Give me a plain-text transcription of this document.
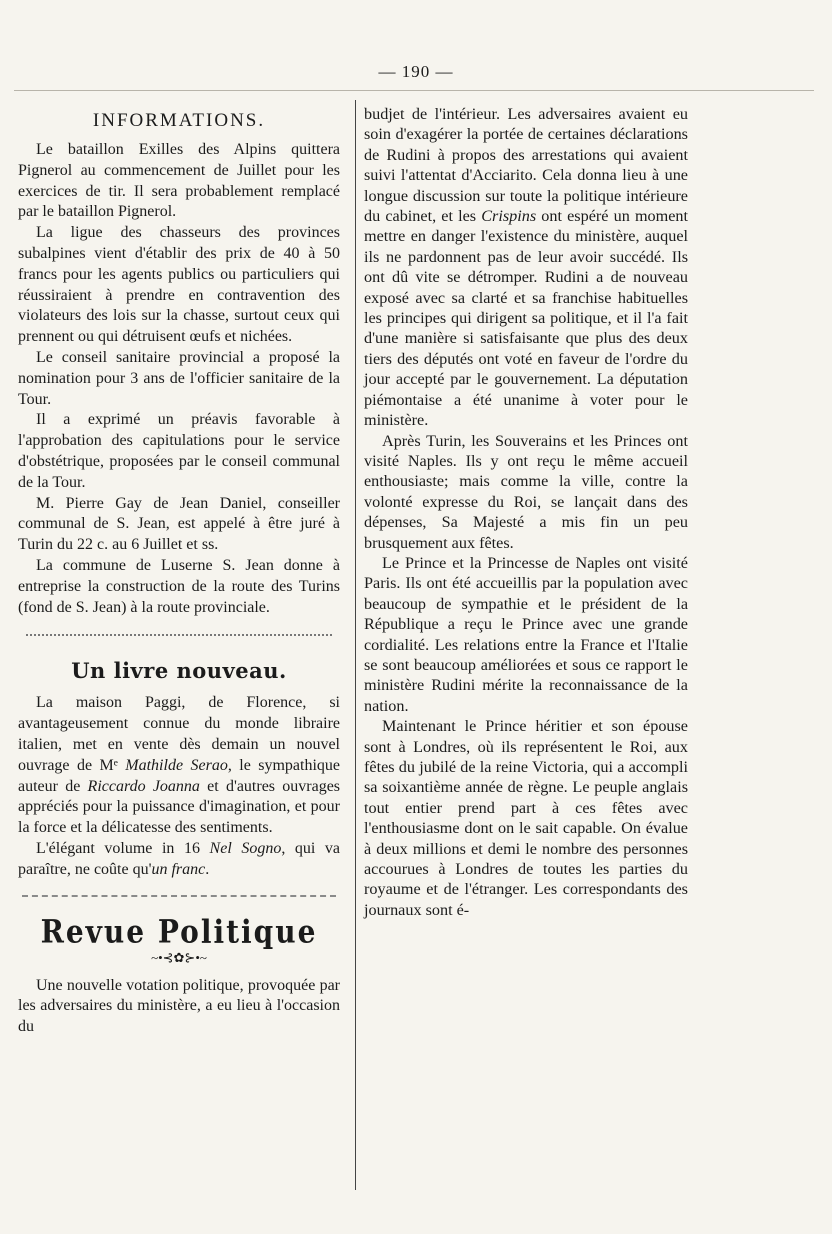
— 190 —
INFORMATIONS.

Le bataillon Exilles des Alpins quittera Pignerol au commencement de Juillet pour les exercices de tir. Il sera probablement remplacé par le bataillon Pignerol.

La ligue des chasseurs des provinces subalpines vient d'établir des prix de 40 à 50 francs pour les agents publics ou particuliers qui réussiraient à prendre en contravention des violateurs des lois sur la chasse, surtout ceux qui prennent ou qui détruisent œufs et nichées.

Le conseil sanitaire provincial a proposé la nomination pour 3 ans de l'officier sanitaire de la Tour.

Il a exprimé un préavis favorable à l'approbation des capitulations pour le service d'obstétrique, proposées par le conseil communal de la Tour.

M. Pierre Gay de Jean Daniel, conseiller communal de S. Jean, est appelé à être juré à Turin du 22 c. au 6 Juillet et ss.

La commune de Luserne S. Jean donne à entreprise la construction de la route des Turins (fond de S. Jean) à la route provinciale.

Un livre nouveau.

La maison Paggi, de Florence, si avantageusement connue du monde libraire italien, met en vente dès demain un nouvel ouvrage de Mᵉ Mathilde Serao, le sympathique auteur de Riccardo Joanna et d'autres ouvrages appréciés pour la puissance d'imagination, et pour la force et la délicatesse des sentiments.

L'élégant volume in 16 Nel Sogno, qui va paraître, ne coûte qu'un franc.

Revue Politique
~•⊰✿⊱•~

Une nouvelle votation politique, provoquée par les adversaires du ministère, a eu lieu à l'occasion du

budjet de l'intérieur. Les adversaires avaient eu soin d'exagérer la portée de certaines déclarations de Rudini à propos des arrestations qui avaient suivi l'attentat d'Acciarito. Cela donna lieu à une longue discussion sur toute la politique intérieure du cabinet, et les Crispins ont espéré un moment mettre en danger l'existence du ministère, auquel ils ne pardonnent pas de leur avoir succédé. Ils ont dû vite se détromper. Rudini a de nouveau exposé avec sa clarté et sa franchise habituelles les principes qui dirigent sa politique, et il l'a fait d'une manière si satisfaisante que plus des deux tiers des députés ont voté en faveur de l'ordre du jour accepté par le gouvernement. La députation piémontaise a été unanime à voter pour le ministère.

Après Turin, les Souverains et les Princes ont visité Naples. Ils y ont reçu le même accueil enthousiaste; mais comme la ville, contre la volonté expresse du Roi, se lançait dans des dépenses, Sa Majesté a mis fin un peu brusquement aux fêtes.

Le Prince et la Princesse de Naples ont visité Paris. Ils ont été accueillis par la population avec beaucoup de sympathie et le président de la République a reçu le Prince avec une grande cordialité. Les relations entre la France et l'Italie se sont beaucoup améliorées et sous ce rapport le ministère Rudini mérite la reconnaissance de la nation.

Maintenant le Prince héritier et son épouse sont à Londres, où ils représentent le Roi, aux fêtes du jubilé de la reine Victoria, qui a accompli sa soixantième année de règne. Le peuple anglais tout entier prend part à ces fêtes avec l'enthousiasme dont on le sait capable. On évalue à deux millions et demi le nombre des personnes accourues à Londres de toutes les parties du royaume et de l'étranger. Les correspondants des journaux sont é-
